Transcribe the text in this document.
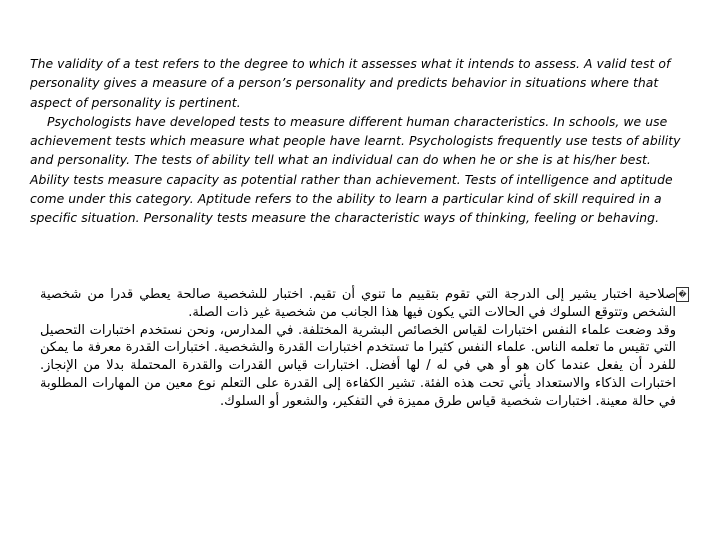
The validity of a test refers to the degree to which it assesses what it intends to assess. A valid test of personality gives a measure of a person’s personality and predicts behavior in situations where that aspect of personality is pertinent.

Psychologists have developed tests to measure different human characteristics. In schools, we use achievement tests which measure what people have learnt. Psychologists frequently use tests of ability and personality. The tests of ability tell what an individual can do when he or she is at his/her best. Ability tests measure capacity as potential rather than achievement. Tests of intelligence and aptitude come under this category. Aptitude refers to the ability to learn a particular kind of skill required in a specific situation. Personality tests measure the characteristic ways of thinking, feeling or behaving.

�

صلاحية اختبار يشير إلى الدرجة التي تقوم بتقييم ما تنوي أن تقيم. اختبار للشخصية صالحة يعطي قدرا من شخصية الشخص وتتوقع السلوك في الحالات التي يكون فيها هذا الجانب من شخصية غير ذات الصلة.

وقد وضعت علماء النفس اختبارات لقياس الخصائص البشرية المختلفة. في المدارس، ونحن نستخدم اختبارات التحصيل التي تقيس ما تعلمه الناس. علماء النفس كثيرا ما تستخدم اختبارات القدرة والشخصية. اختبارات القدرة معرفة ما يمكن للفرد أن يفعل عندما كان هو أو هي في له / لها أفضل. اختبارات قياس القدرات والقدرة المحتملة بدلا من الإنجاز. اختبارات الذكاء والاستعداد يأتي تحت هذه الفئة. تشير الكفاءة إلى القدرة على التعلم نوع معين من المهارات المطلوبة في حالة معينة. اختبارات شخصية قياس طرق مميزة في التفكير، والشعور أو السلوك.
